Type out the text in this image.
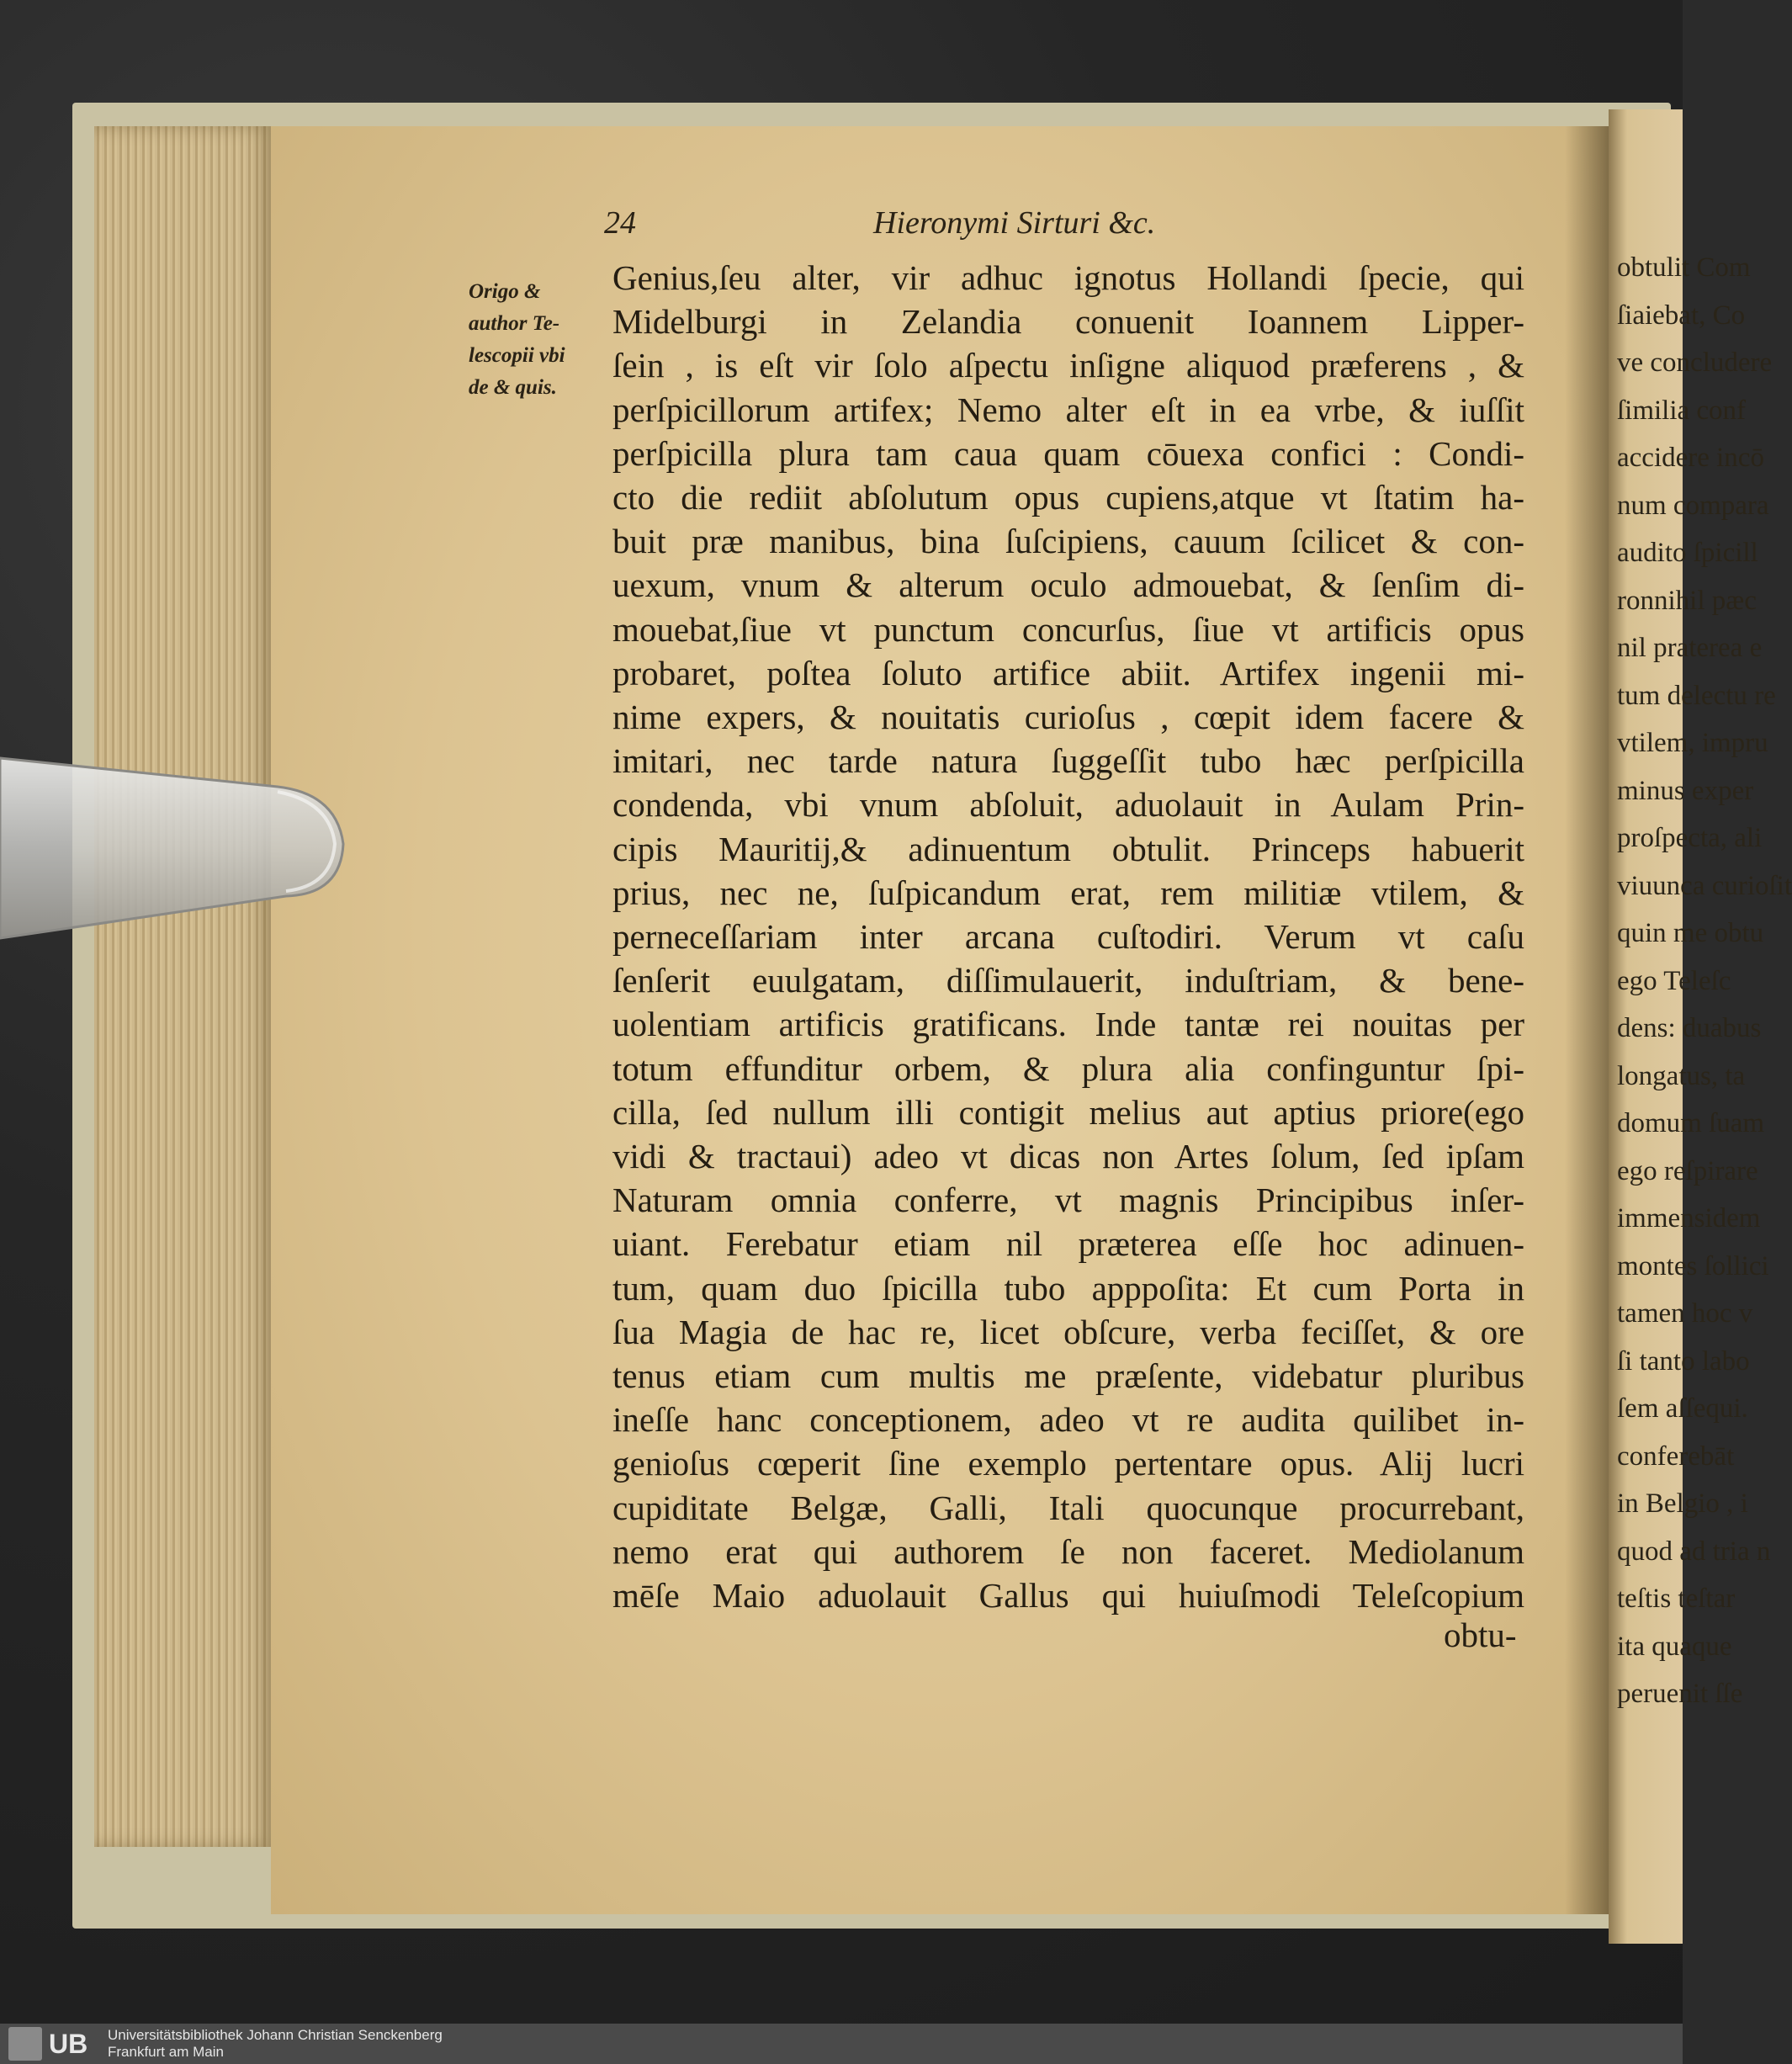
obtulit Com
ſiaiebat, Co
ve concludere
ſimilia conf
accidere incō
num compara
audito ſpicill
ronnihil pæc
nil praterea e
tum delectu re
vtilem, impru
minus exper
proſpecta, ali
viuunca curioſit
quin me obtu
ego Teleſc
dens: duabus
longatus, ta
domum ſuam
ego reſpirare
immensidem
montes ſollici
tamen hoc v
ſi tanto labo
ſem aſſequi.
conferebāt
in Belgio , i
quod ad tria n
teſtis teſtar
ita quaque
peruenit ſſe
24	Hieronymi Sirturi &c.
Origo &
author Te-
lescopii vbi
de & quis.
Genius,ſeu alter, vir adhuc ignotus Hollandi ſpecie, qui
Midelburgi in Zelandia conuenit Ioannem Lipper-
ſein , is eſt vir ſolo aſpectu inſigne aliquod præferens , &
perſpicillorum artifex; Nemo alter eſt in ea vrbe, & iuſſit
perſpicilla plura tam caua quam cōuexa confici : Condi-
cto die rediit abſolutum opus cupiens,atque vt ſtatim ha-
buit præ manibus, bina ſuſcipiens, cauum ſcilicet & con-
uexum, vnum & alterum oculo admouebat, & ſenſim di-
mouebat,ſiue vt punctum concurſus, ſiue vt artificis opus
probaret, poſtea ſoluto artifice abiit. Artifex ingenii mi-
nime expers, & nouitatis curioſus , cœpit idem facere &
imitari, nec tarde natura ſuggeſſit tubo hæc perſpicilla
condenda, vbi vnum abſoluit, aduolauit in Aulam Prin-
cipis Mauritij,& adinuentum obtulit. Princeps habuerit
prius, nec ne, ſuſpicandum erat, rem militiæ vtilem, &
perneceſſariam inter arcana cuſtodiri. Verum vt caſu
ſenſerit euulgatam, diſſimulauerit, induſtriam, & bene-
uolentiam artificis gratificans. Inde tantæ rei nouitas per
totum effunditur orbem, & plura alia confinguntur ſpi-
cilla, ſed nullum illi contigit melius aut aptius priore(ego
vidi & tractaui) adeo vt dicas non Artes ſolum, ſed ipſam
Naturam omnia conferre, vt magnis Principibus inſer-
uiant. Ferebatur etiam nil præterea eſſe hoc adinuen-
tum, quam duo ſpicilla tubo apppoſita: Et cum Porta in
ſua Magia de hac re, licet obſcure, verba feciſſet, & ore
tenus etiam cum multis me præſente, videbatur pluribus
ineſſe hanc conceptionem, adeo vt re audita quilibet in-
genioſus cœperit ſine exemplo pertentare opus. Alij lucri
cupiditate Belgæ, Galli, Itali quocunque procurrebant,
nemo erat qui authorem ſe non faceret. Mediolanum
mēſe Maio aduolauit Gallus qui huiuſmodi Teleſcopium
obtu-
UB Universitätsbibliothek Johann Christian Senckenberg
Frankfurt am Main
